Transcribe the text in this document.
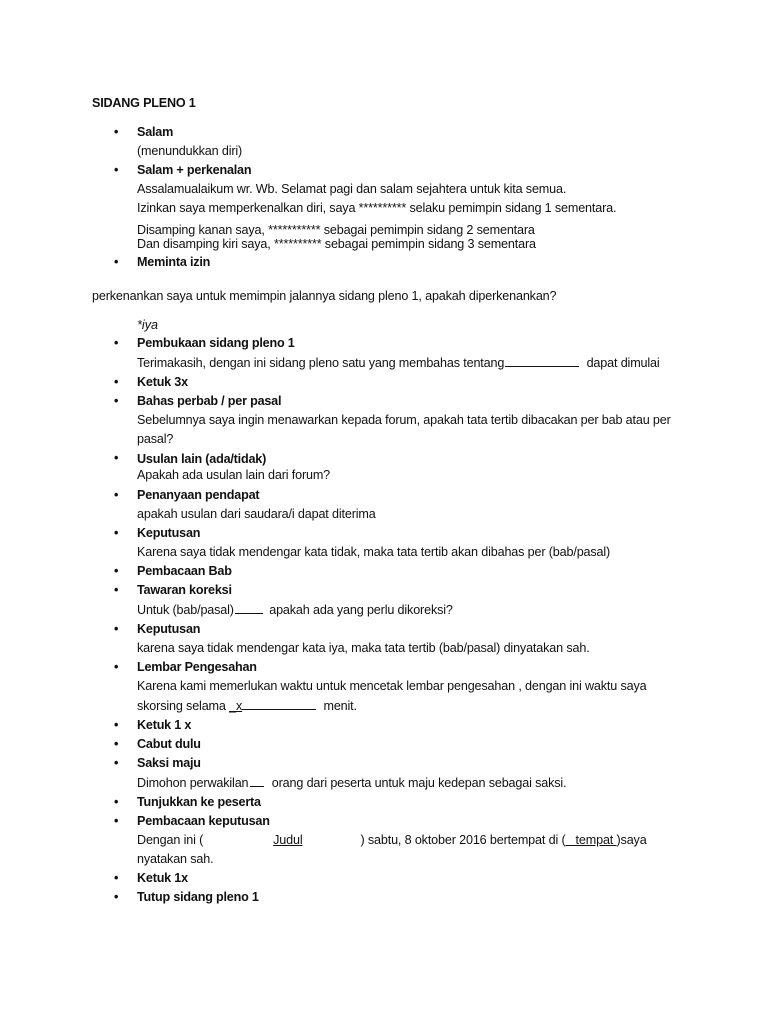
SIDANG PLENO 1
• Salam
(menundukkan diri)
• Salam + perkenalan
Assalamualaikum wr. Wb. Selamat pagi dan salam sejahtera untuk kita semua.
Izinkan saya memperkenalkan diri, saya ********** selaku pemimpin sidang 1 sementara.
Disamping kanan saya, *********** sebagai pemimpin sidang 2 sementara
Dan disamping kiri saya, ********** sebagai pemimpin sidang 3 sementara
• Meminta izin
perkenankan saya untuk memimpin jalannya sidang pleno 1, apakah diperkenankan?
*iya
• Pembukaan sidang pleno 1
Terimakasih, dengan ini sidang pleno satu yang membahas tentang	dapat dimulai
• Ketuk 3x
• Bahas perbab / per pasal
Sebelumnya saya ingin menawarkan kepada forum, apakah tata tertib dibacakan per bab atau per pasal?
• Usulan lain (ada/tidak)
Apakah ada usulan lain dari forum?
• Penanyaan pendapat
apakah usulan dari saudara/i dapat diterima
• Keputusan
Karena saya tidak mendengar kata tidak, maka tata tertib akan dibahas per (bab/pasal)
• Pembacaan Bab
• Tawaran koreksi
Untuk (bab/pasal)	apakah ada yang perlu dikoreksi?
• Keputusan
karena saya tidak mendengar kata iya, maka tata tertib (bab/pasal) dinyatakan sah.
• Lembar Pengesahan
Karena kami memerlukan waktu untuk mencetak lembar pengesahan , dengan ini waktu saya
skorsing selama _x	menit.
• Ketuk 1 x
• Cabut dulu
• Saksi maju
Dimohon perwakilan orang dari peserta untuk maju kedepan sebagai saksi.
• Tunjukkan ke peserta
• Pembacaan keputusan
Dengan ini (	Judul	) sabtu, 8 oktober 2016 bertempat di ( tempat )saya
nyatakan sah.
• Ketuk 1x
• Tutup sidang pleno 1
